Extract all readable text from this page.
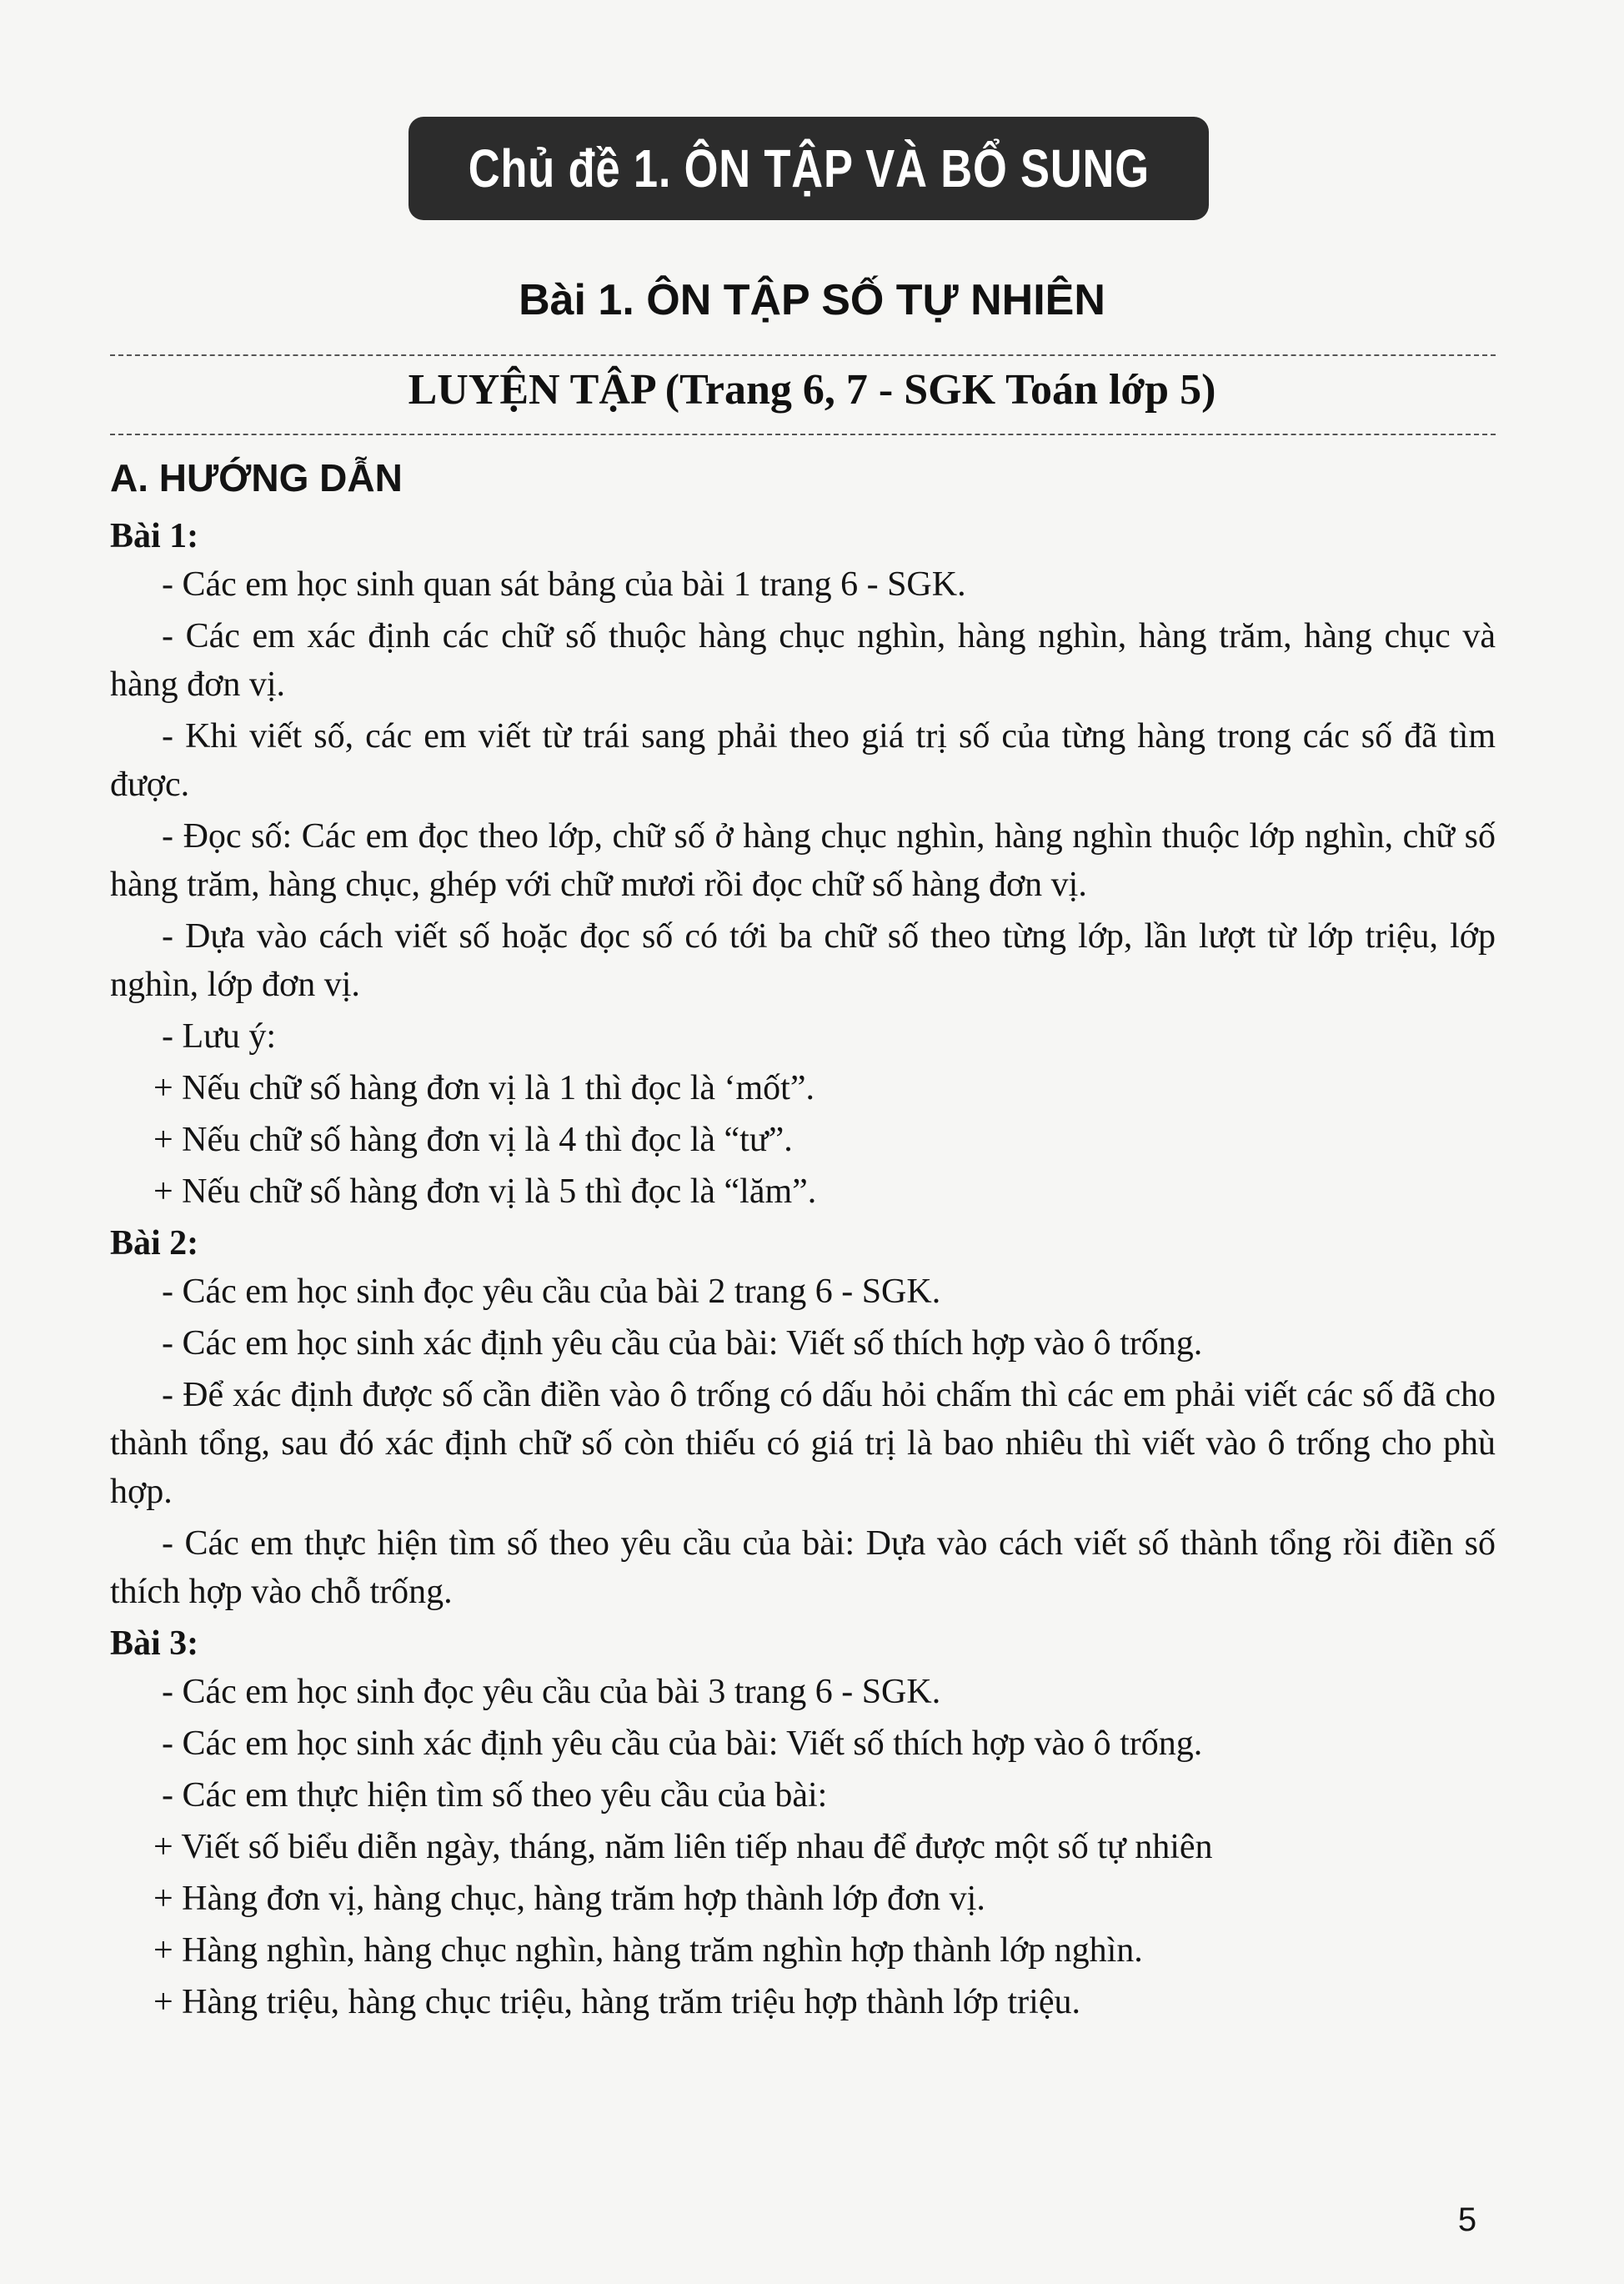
Chủ đề 1. ÔN TẬP VÀ BỔ SUNG
Bài 1. ÔN TẬP SỐ TỰ NHIÊN
LUYỆN TẬP (Trang 6, 7 - SGK Toán lớp 5)
A. HƯỚNG DẪN
Bài 1:

- Các em học sinh quan sát bảng của bài 1 trang 6 - SGK.

- Các em xác định các chữ số thuộc hàng chục nghìn, hàng nghìn, hàng trăm, hàng chục và hàng đơn vị.

- Khi viết số, các em viết từ trái sang phải theo giá trị số của từng hàng trong các số đã tìm được.

- Đọc số: Các em đọc theo lớp, chữ số ở hàng chục nghìn, hàng nghìn thuộc lớp nghìn, chữ số hàng trăm, hàng chục, ghép với chữ mươi rồi đọc chữ số hàng đơn vị.

- Dựa vào cách viết số hoặc đọc số có tới ba chữ số theo từng lớp, lần lượt từ lớp triệu, lớp nghìn, lớp đơn vị.

- Lưu ý:

+ Nếu chữ số hàng đơn vị là 1 thì đọc là ‘mốt”.

+ Nếu chữ số hàng đơn vị là 4 thì đọc là “tư”.

+ Nếu chữ số hàng đơn vị là 5 thì đọc là “lăm”.

Bài 2:

- Các em học sinh đọc yêu cầu của bài 2 trang 6 - SGK.

- Các em học sinh xác định yêu cầu của bài: Viết số thích hợp vào ô trống.

- Để xác định được số cần điền vào ô trống có dấu hỏi chấm thì các em phải viết các số đã cho thành tổng, sau đó xác định chữ số còn thiếu có giá trị là bao nhiêu thì viết vào ô trống cho phù hợp.

- Các em thực hiện tìm số theo yêu cầu của bài: Dựa vào cách viết số thành tổng rồi điền số thích hợp vào chỗ trống.

Bài 3:

- Các em học sinh đọc yêu cầu của bài 3 trang 6 - SGK.

- Các em học sinh xác định yêu cầu của bài: Viết số thích hợp vào ô trống.

- Các em thực hiện tìm số theo yêu cầu của bài:

+ Viết số biểu diễn ngày, tháng, năm liên tiếp nhau để được một số tự nhiên

+ Hàng đơn vị, hàng chục, hàng trăm hợp thành lớp đơn vị.

+ Hàng nghìn, hàng chục nghìn, hàng trăm nghìn hợp thành lớp nghìn.

+ Hàng triệu, hàng chục triệu, hàng trăm triệu hợp thành lớp triệu.

5
